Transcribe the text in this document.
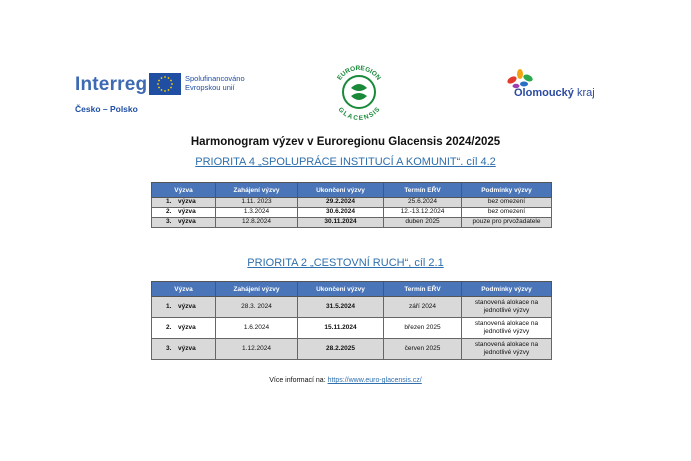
Interreg	Spolufinancováno
Evropskou unií
Česko – Polsko
EUROREGION
GLACENSIS
Olomoucký kraj
Harmonogram výzev v Euroregionu Glacensis 2024/2025
PRIORITA 4 „SPOLUPRÁCE INSTITUCÍ A KOMUNIT“. cíl 4.2
Výzva	Zahájení výzvy	Ukončení výzvy	Termín EŘV	Podmínky výzvy
1. výzva	1.11. 2023	29.2.2024	25.6.2024	bez omezení
2. výzva	1.3.2024	30.6.2024	12.-13.12.2024	bez omezení
3. výzva	12.8.2024	30.11.2024	duben 2025	pouze pro prvožadatele
PRIORITA 2 „CESTOVNÍ RUCH“, cíl 2.1
Výzva	Zahájení výzvy	Ukončení výzvy	Termín EŘV	Podmínky výzvy
1. výzva	28.3. 2024	31.5.2024	září 2024	stanovená alokace na
jednotlivé výzvy

2. výzva	1.6.2024	15.11.2024	březen 2025	stanovená alokace na
jednotlivé výzvy

3. výzva	1.12.2024	28.2.2025	červen 2025	stanovená alokace na
jednotlivé výzvy
Více informací na: https://www.euro-glacensis.cz/
